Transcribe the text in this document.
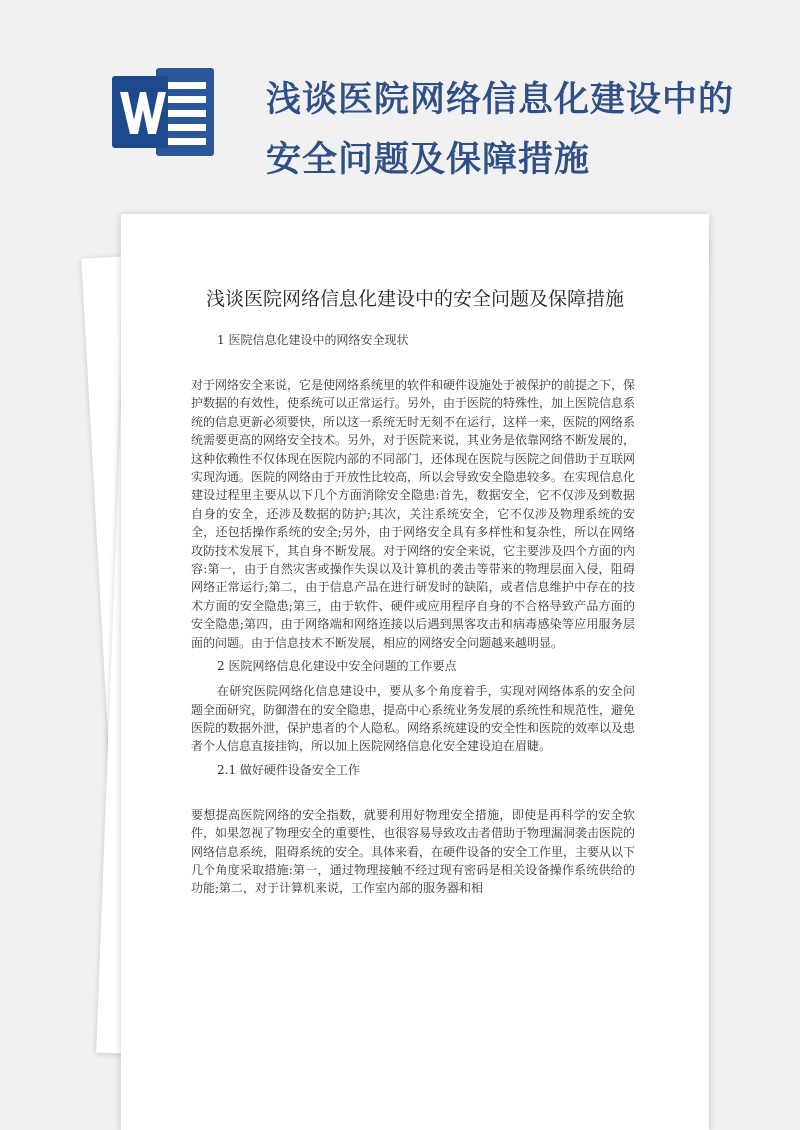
浅谈医院网络信息化建设中的
安全问题及保障措施
浅谈医院网络信息化建设中的安全问题及保障措施

1 医院信息化建设中的网络安全现状

对于网络安全来说，它是使网络系统里的软件和硬件设施处于被保护的前提之下，保护数据的有效性，使系统可以正常运行。另外，由于医院的特殊性，加上医院信息系统的信息更新必须要快，所以这一系统无时无刻不在运行，这样一来，医院的网络系统需要更高的网络安全技术。另外，对于医院来说，其业务是依靠网络不断发展的，这种依赖性不仅体现在医院内部的不同部门，还体现在医院与医院之间借助于互联网实现沟通。医院的网络由于开放性比较高，所以会导致安全隐患较多。在实现信息化建设过程里主要从以下几个方面消除安全隐患:首先，数据安全，它不仅涉及到数据自身的安全，还涉及数据的防护;其次，关注系统安全，它不仅涉及物理系统的安全，还包括操作系统的安全;另外，由于网络安全具有多样性和复杂性，所以在网络攻防技术发展下，其自身不断发展。对于网络的安全来说，它主要涉及四个方面的内容:第一，由于自然灾害或操作失误以及计算机的袭击等带来的物理层面入侵，阻碍网络正常运行;第二，由于信息产品在进行研发时的缺陷，或者信息维护中存在的技术方面的安全隐患;第三，由于软件、硬件或应用程序自身的不合格导致产品方面的安全隐患;第四，由于网络端和网络连接以后遇到黑客攻击和病毒感染等应用服务层面的问题。由于信息技术不断发展，相应的网络安全问题越来越明显。

2 医院网络信息化建设中安全问题的工作要点

在研究医院网络化信息建设中，要从多个角度着手，实现对网络体系的安全问题全面研究，防御潜在的安全隐患，提高中心系统业务发展的系统性和规范性，避免医院的数据外泄，保护患者的个人隐私。网络系统建设的安全性和医院的效率以及患者个人信息直接挂钩，所以加上医院网络信息化安全建设迫在眉睫。

2.1 做好硬件设备安全工作

要想提高医院网络的安全指数，就要利用好物理安全措施，即使是再科学的安全软件，如果忽视了物理安全的重要性，也很容易导致攻击者借助于物理漏洞袭击医院的网络信息系统，阻碍系统的安全。具体来看，在硬件设备的安全工作里，主要从以下几个角度采取措施:第一，通过物理接触不经过现有密码是相关设备操作系统供给的功能;第二，对于计算机来说，工作室内部的服务器和相
